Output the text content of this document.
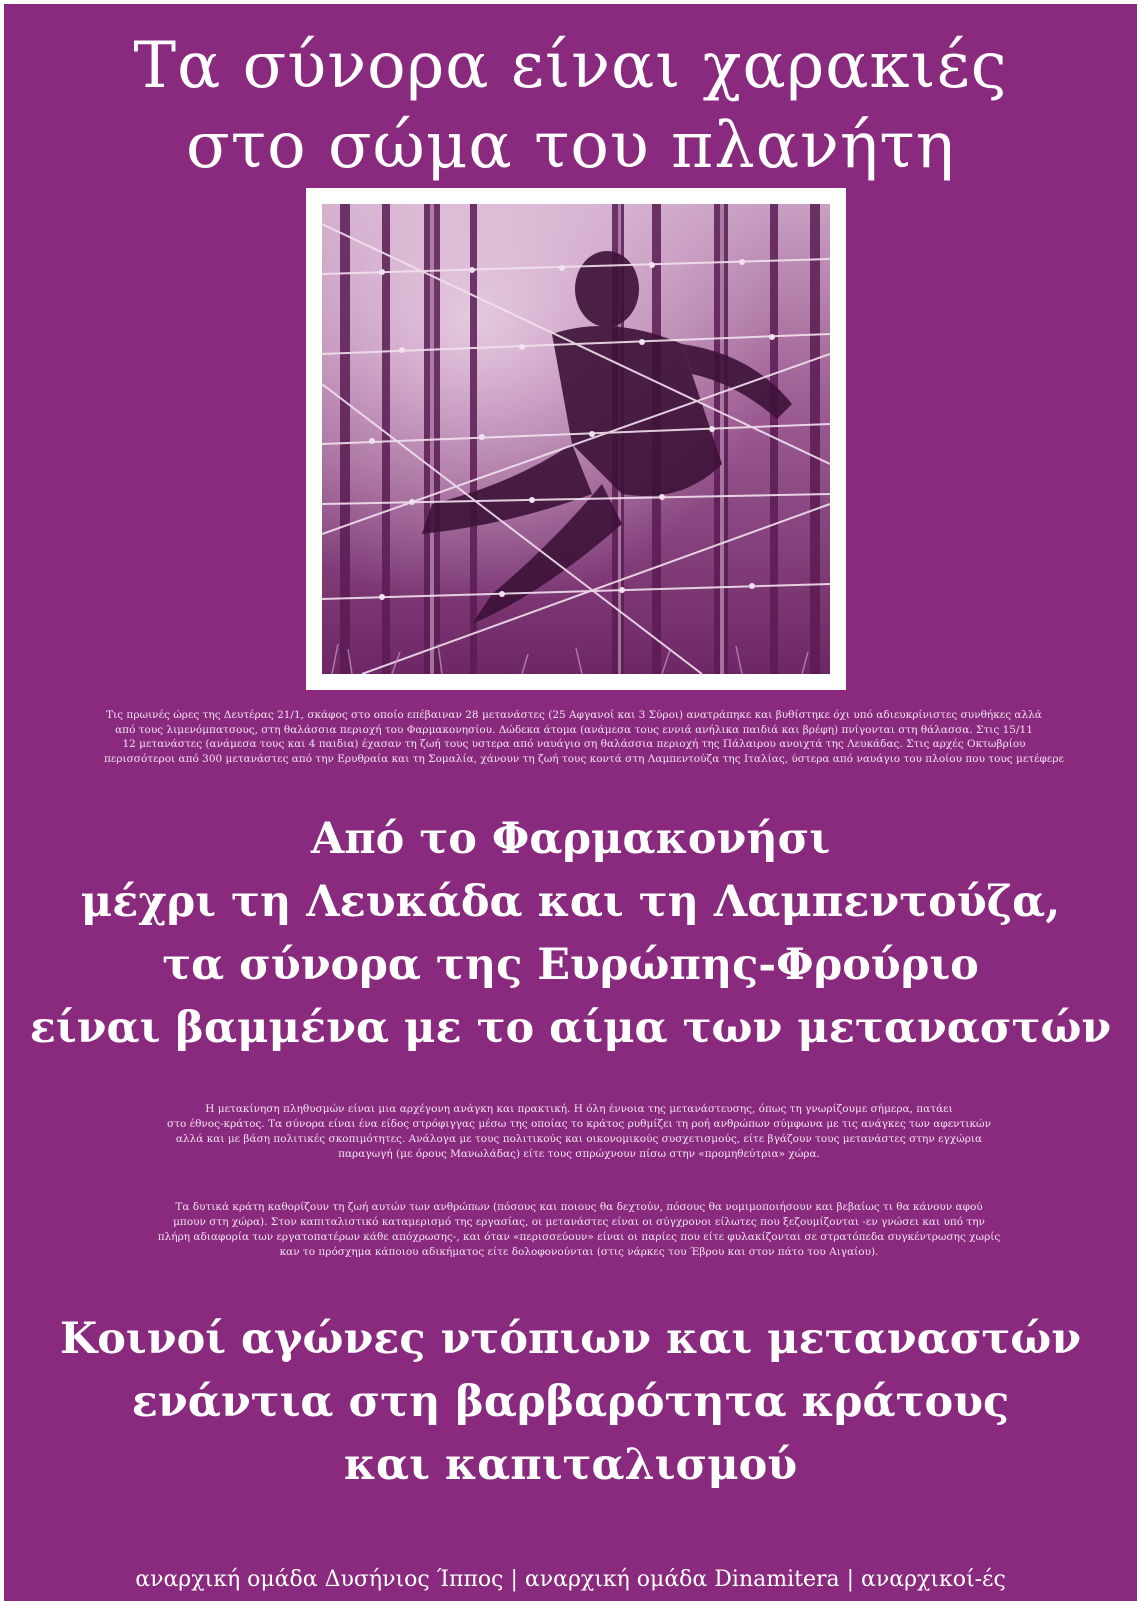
Τα σύνορα είναι χαρακιές
στο σώμα του πλανήτη
Τις πρωινές ώρες της Δευτέρας 21/1, σκάφος στο οποίο επέβαιναν 28 μετανάστες (25 Αφγανοί και 3 Σύροι) ανατράπηκε και βυθίστηκε όχι υπό αδιευκρίνιστες συνθήκες αλλά
από τους λιμενόμπατσους, στη θαλάσσια περιοχή του Φαρμακονησίου. Δώδεκα άτομα (ανάμεσα τους εννιά ανήλικα παιδιά και βρέφη) πνίγονται στη θάλασσα. Στις 15/11
12 μετανάστες (ανάμεσα τους και 4 παιδια) έχασαν τη ζωή τους υστερα από ναυάγιο ση θαλάσσια περιοχή της Πάλαιρου ανοιχτά της Λευκάδας. Στις αρχές Οκτωβρίου
περισσότεροι από 300 μετανάστες από την Ερυθραία και τη Σομαλία, χάνουν τη ζωή τους κοντά στη Λαμπεντούζα της Ιταλίας, ύστερα από ναυάγιο του πλοίου που τους μετέφερε
Από το Φαρμακονήσι
μέχρι τη Λευκάδα και τη Λαμπεντούζα,
τα σύνορα της Ευρώπης-Φρούριο
είναι βαμμένα με το αίμα των μεταναστών
Η μετακίνηση πληθυσμών είναι μια αρχέγονη ανάγκη και πρακτική. Η όλη έννοια της μετανάστευσης, όπως τη γνωρίζουμε σήμερα, πατάει
στο έθνος-κράτος. Τα σύνορα είναι ένα είδος στρόφιγγας μέσω της οποίας το κράτος ρυθμίζει τη ροή ανθρώπων σύμφωνα με τις ανάγκες των αφεντικών
αλλά και με βάση πολιτικές σκοπιμότητες. Ανάλογα με τους πολιτικούς και οικονομικούς συσχετισμούς, είτε βγάζουν τους μετανάστες στην εγχώρια
παραγωγή (με όρους Μανωλάδας) είτε τους σπρώχνουν πίσω στην «προμηθεύτρια» χώρα.
Τα δυτικά κράτη καθορίζουν τη ζωή αυτών των ανθρώπων (πόσους και ποιους θα δεχτούν, πόσους θα νομιμοποιήσουν και βεβαίως τι θα κάνουν αφού
μπουν στη χώρα). Στον καπιταλιστικό καταμερισμό της εργασίας, οι μετανάστες είναι οι σύγχρονοι είλωτες που ξεζουμίζονται -εν γνώσει και υπό την
πλήρη αδιαφορία των εργατοπατέρων κάθε απόχρωσης-, και όταν «περισσεύουν» είναι οι παρίες που είτε φυλακίζονται σε στρατόπεδα συγκέντρωσης χωρίς
καν το πρόσχημα κάποιου αδικήματος είτε δολοφονούνται (στις νάρκες του Έβρου και στον πάτο του Αιγαίου).
Κοινοί αγώνες ντόπιων και μεταναστών
ενάντια στη βαρβαρότητα κράτους
και καπιταλισμού
αναρχική ομάδα Δυσήνιος Ίππος | αναρχική ομάδα Dinamitera | αναρχικοί-ές
